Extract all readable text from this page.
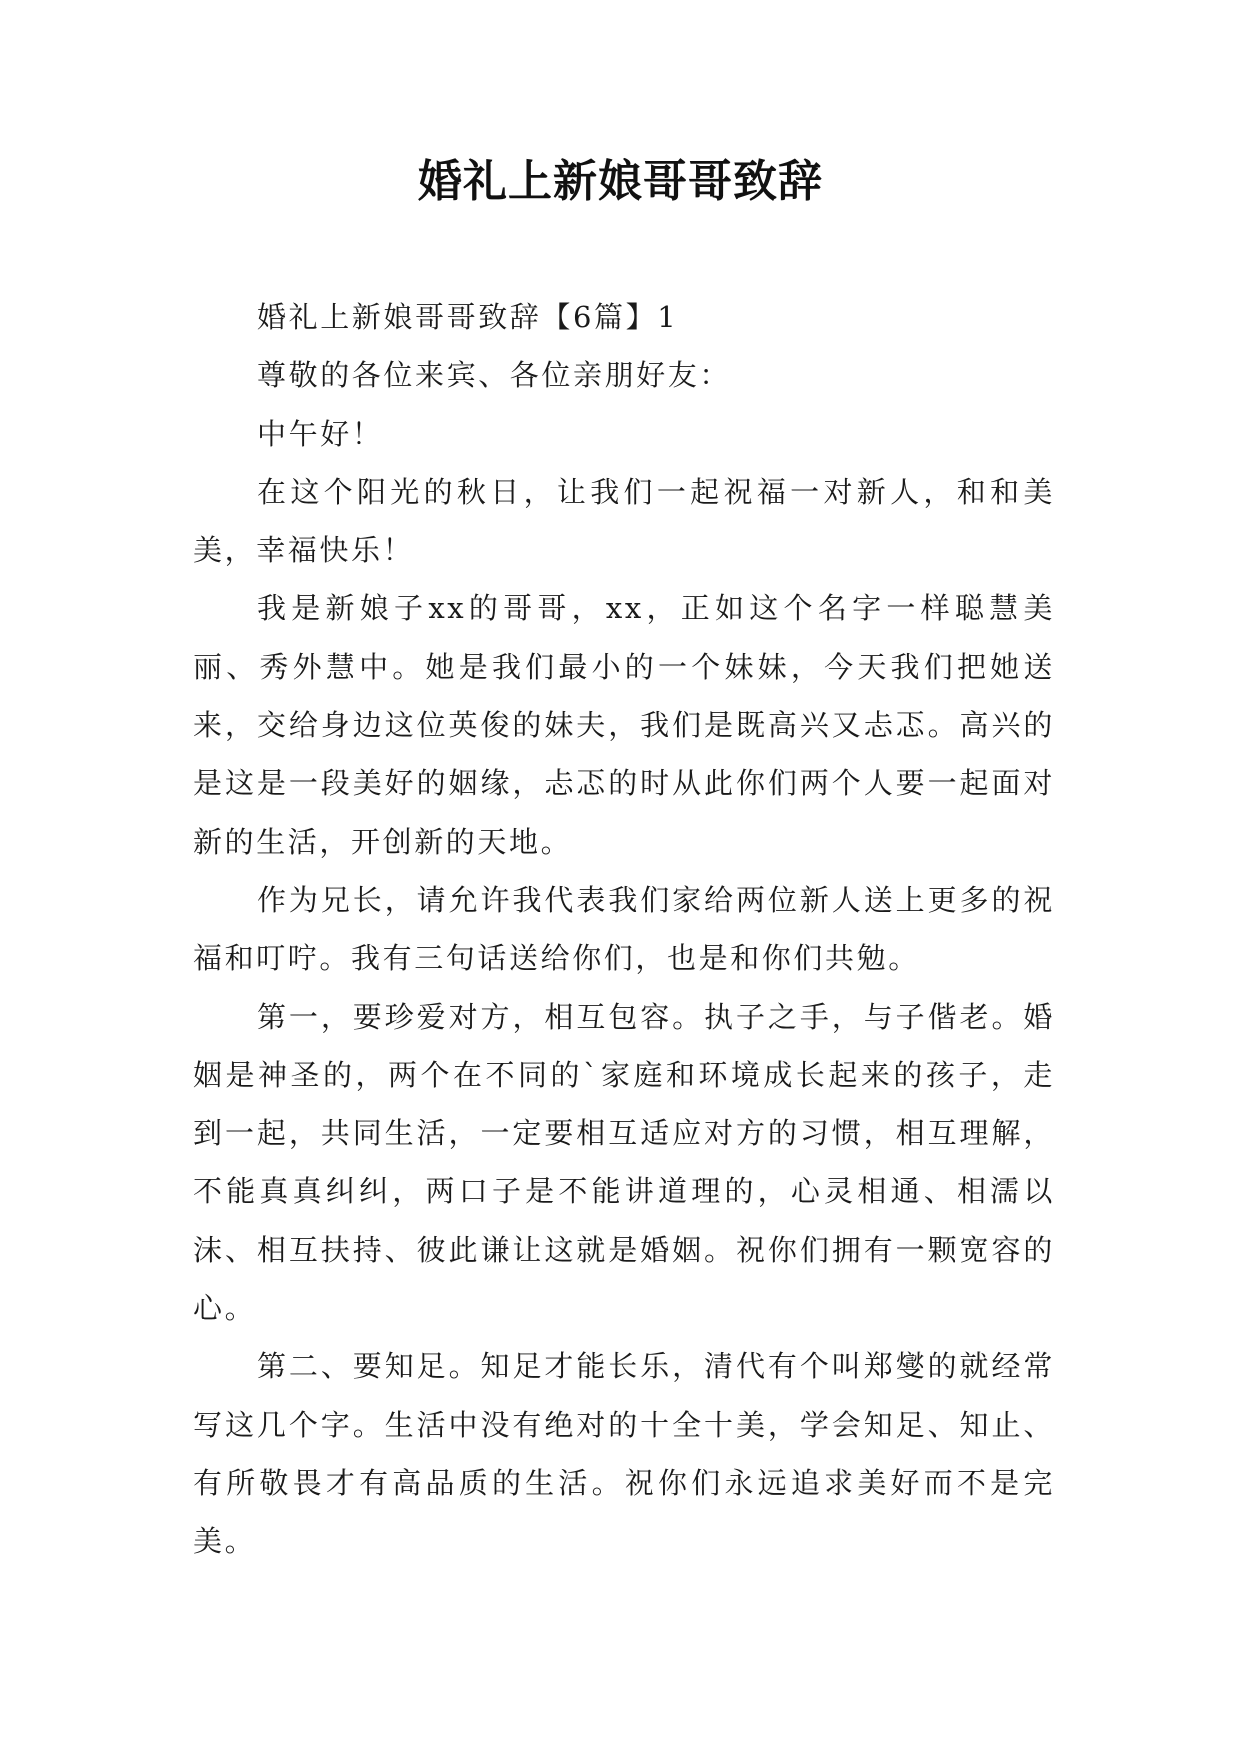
婚礼上新娘哥哥致辞

婚礼上新娘哥哥致辞【6篇】1

尊敬的各位来宾、各位亲朋好友：

中午好！

在这个阳光的秋日，让我们一起祝福一对新人，和和美美，幸福快乐！

我是新娘子xx的哥哥，xx，正如这个名字一样聪慧美丽、秀外慧中。她是我们最小的一个妹妹，今天我们把她送来，交给身边这位英俊的妹夫，我们是既高兴又忐忑。高兴的是这是一段美好的姻缘，忐忑的时从此你们两个人要一起面对新的生活，开创新的天地。

作为兄长，请允许我代表我们家给两位新人送上更多的祝福和叮咛。我有三句话送给你们，也是和你们共勉。

第一，要珍爱对方，相互包容。执子之手，与子偕老。婚姻是神圣的，两个在不同的`家庭和环境成长起来的孩子，走到一起，共同生活，一定要相互适应对方的习惯，相互理解，不能真真纠纠，两口子是不能讲道理的，心灵相通、相濡以沫、相互扶持、彼此谦让这就是婚姻。祝你们拥有一颗宽容的心。

第二、要知足。知足才能长乐，清代有个叫郑燮的就经常写这几个字。生活中没有绝对的十全十美，学会知足、知止、有所敬畏才有高品质的生活。祝你们永远追求美好而不是完美。
